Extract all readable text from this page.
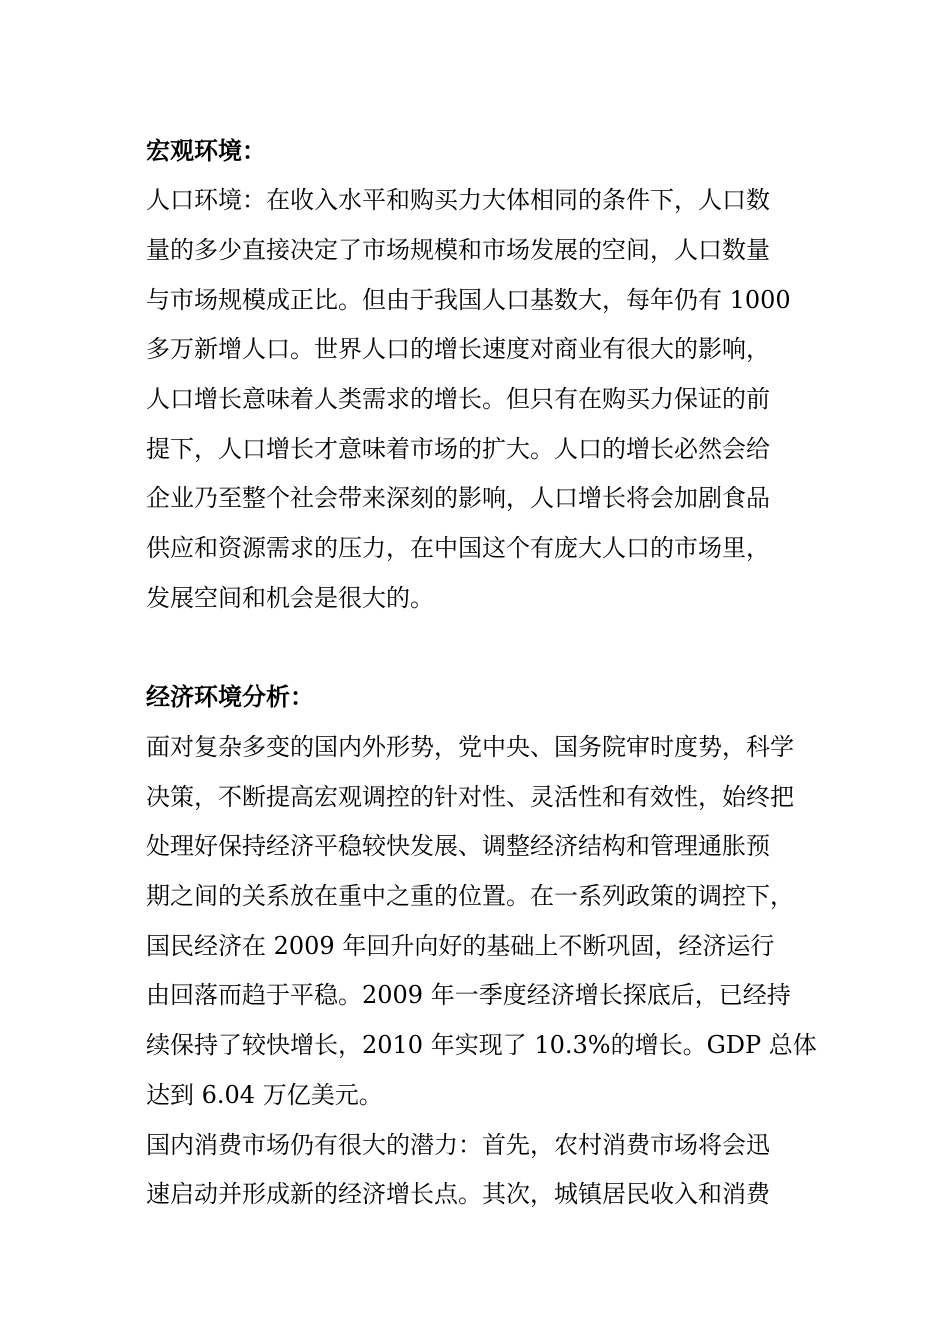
宏观环境：
人口环境：在收入水平和购买力大体相同的条件下，人口数
量的多少直接决定了市场规模和市场发展的空间，人口数量
与市场规模成正比。但由于我国人口基数大，每年仍有 1000
多万新增人口。世界人口的增长速度对商业有很大的影响，
人口增长意味着人类需求的增长。但只有在购买力保证的前
提下，人口增长才意味着市场的扩大。人口的增长必然会给
企业乃至整个社会带来深刻的影响，人口增长将会加剧食品
供应和资源需求的压力，在中国这个有庞大人口的市场里，
发展空间和机会是很大的。
经济环境分析：
面对复杂多变的国内外形势，党中央、国务院审时度势，科学
决策，不断提高宏观调控的针对性、灵活性和有效性，始终把
处理好保持经济平稳较快发展、调整经济结构和管理通胀预
期之间的关系放在重中之重的位置。在一系列政策的调控下，
国民经济在 2009 年回升向好的基础上不断巩固，经济运行
由回落而趋于平稳。2009 年一季度经济增长探底后，已经持
续保持了较快增长，2010 年实现了 10.3%的增长。GDP 总体
达到 6.04 万亿美元。
国内消费市场仍有很大的潜力：首先，农村消费市场将会迅
速启动并形成新的经济增长点。其次，城镇居民收入和消费
